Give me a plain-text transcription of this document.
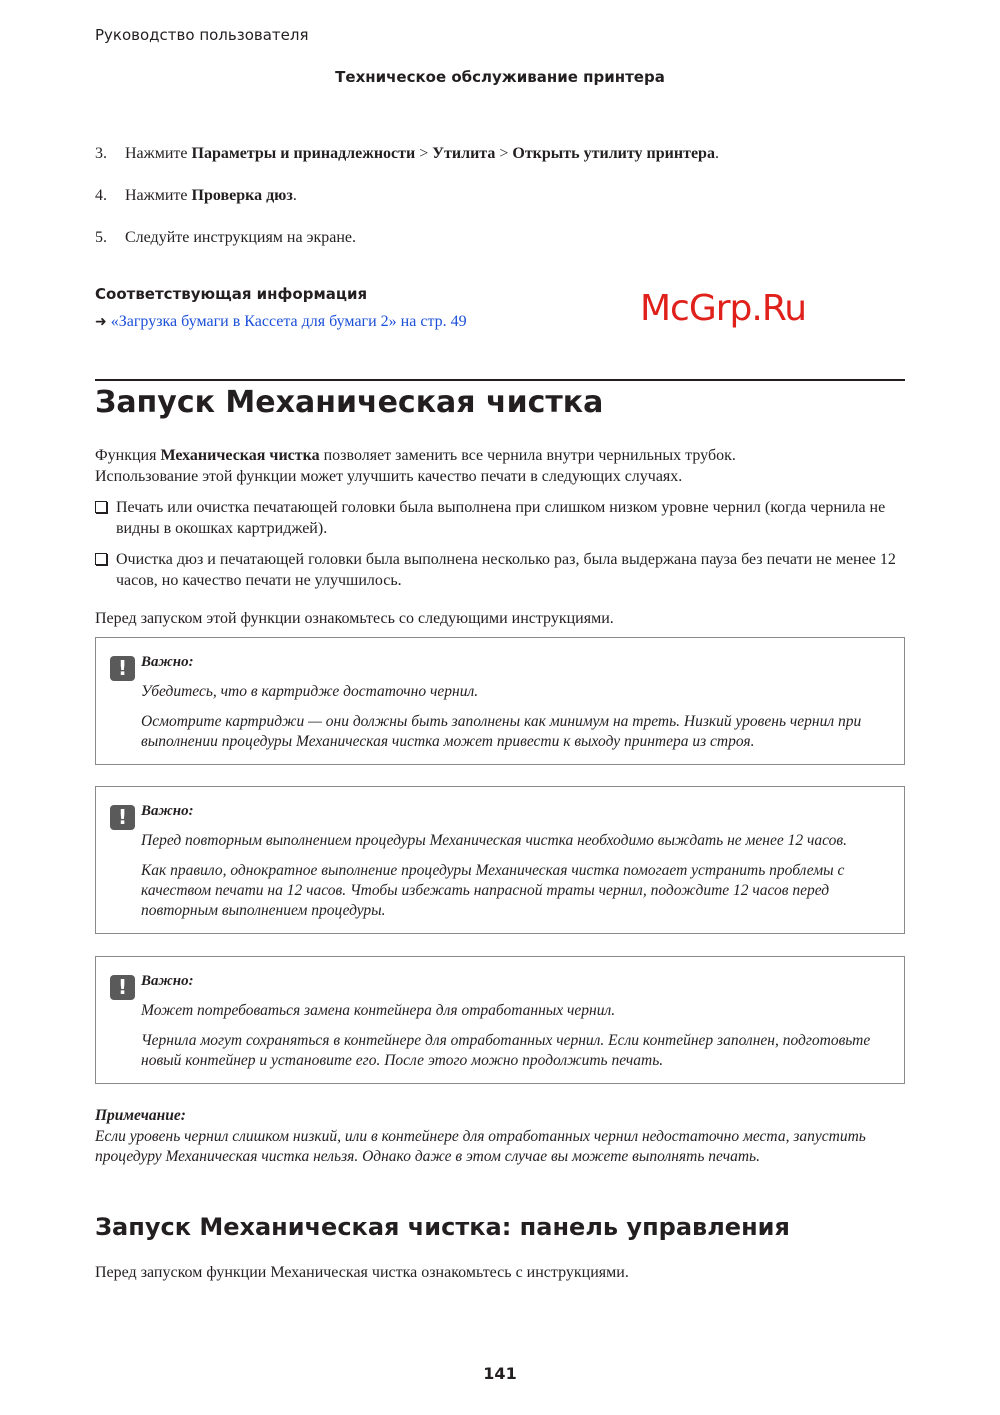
Руководство пользователя
Техническое обслуживание принтера
3. Нажмите Параметры и принадлежности > Утилита > Открыть утилиту принтера.
4. Нажмите Проверка дюз.
5. Следуйте инструкциям на экране.
Соответствующая информация
➜ «Загрузка бумаги в Кассета для бумаги 2» на стр. 49	McGrp.Ru
Запуск Механическая чистка
Функция Механическая чистка позволяет заменить все чернила внутри чернильных трубок.
Использование этой функции может улучшить качество печати в следующих случаях.
Печать или очистка печатающей головки была выполнена при слишком низком уровне чернил (когда чернила не видны в окошках картриджей).
Очистка дюз и печатающей головки была выполнена несколько раз, была выдержана пауза без печати не менее 12 часов, но качество печати не улучшилось.
Перед запуском этой функции ознакомьтесь со следующими инструкциями.
! Важно:
Убедитесь, что в картридже достаточно чернил.
Осмотрите картриджи — они должны быть заполнены как минимум на треть. Низкий уровень чернил при выполнении процедуры Механическая чистка может привести к выходу принтера из строя.
! Важно:
Перед повторным выполнением процедуры Механическая чистка необходимо выждать не менее 12 часов.
Как правило, однократное выполнение процедуры Механическая чистка помогает устранить проблемы с качеством печати на 12 часов. Чтобы избежать напрасной траты чернил, подождите 12 часов перед повторным выполнением процедуры.
! Важно:
Может потребоваться замена контейнера для отработанных чернил.
Чернила могут сохраняться в контейнере для отработанных чернил. Если контейнер заполнен, подготовьте новый контейнер и установите его. После этого можно продолжить печать.
Примечание:
Если уровень чернил слишком низкий, или в контейнере для отработанных чернил недостаточно места, запустить процедуру Механическая чистка нельзя. Однако даже в этом случае вы можете выполнять печать.
Запуск Механическая чистка: панель управления
Перед запуском функции Механическая чистка ознакомьтесь с инструкциями.
141
